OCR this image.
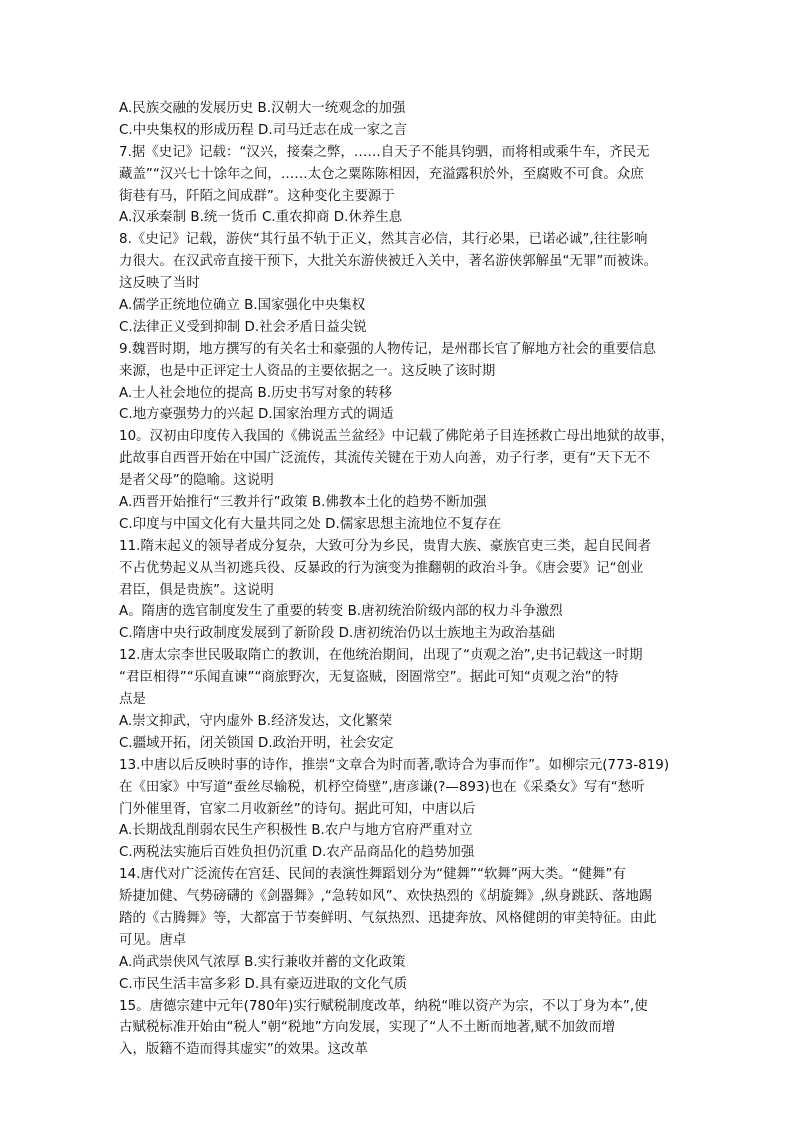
A.民族交融的发展历史 B.汉朝大一统观念的加强
C.中央集权的形成历程 D.司马迁志在成一家之言
7.据《史记》记载：“汉兴，接秦之弊，……自天子不能具钧驷，而将相或乘牛车，齐民无
藏盖”“汉兴七十馀年之间，……太仓之粟陈陈相因，充溢露积於外，至腐败不可食。众庶
街巷有马，阡陌之间成群”。这种变化主要源于
A.汉承秦制 B.统一货币 C.重农抑商 D.休养生息
8.《史记》记载，游侠“其行虽不轨于正义，然其言必信，其行必果，已诺必诚”,往往影响
力很大。在汉武帝直接干预下，大批关东游侠被迁入关中，著名游侠郭解虽“无罪”而被诛。
这反映了当时
A.儒学正统地位确立 B.国家强化中央集权
C.法律正义受到抑制 D.社会矛盾日益尖锐
9.魏晋时期，地方撰写的有关名士和豪强的人物传记，是州郡长官了解地方社会的重要信息
来源，也是中正评定士人资品的主要依据之一。这反映了该时期
A.士人社会地位的提高 B.历史书写对象的转移
C.地方豪强势力的兴起 D.国家治理方式的调适
10。汉初由印度传入我国的《佛说盂兰盆经》中记载了佛陀弟子目连拯救亡母出地狱的故事，
此故事自西晋开始在中国广泛流传，其流传关键在于劝人向善，劝子行孝，更有“天下无不
是者父母”的隐喻。这说明
A.西晋开始推行“三教并行”政策 B.佛教本土化的趋势不断加强
C.印度与中国文化有大量共同之处 D.儒家思想主流地位不复存在
11.隋末起义的领导者成分复杂，大致可分为乡民，贵胄大族、豪族官吏三类，起自民间者
不占优势起义从当初逃兵役、反暴政的行为演变为推翻朝的政治斗争。《唐会要》记“创业
君臣，俱是贵族”。这说明
A。隋唐的选官制度发生了重要的转变 B.唐初统治阶级内部的权力斗争激烈
C.隋唐中央行政制度发展到了新阶段 D.唐初统治仍以士族地主为政治基础
12.唐太宗李世民吸取隋亡的教训，在他统治期间，出现了“贞观之治”,史书记载这一时期
“君臣相得”“乐闻直谏”“商旅野次，无复盗贼，囹圄常空”。据此可知“贞观之治”的特
点是
A.崇文抑武，守内虚外 B.经济发达，文化繁荣
C.疆域开拓，闭关锁国 D.政治开明，社会安定
13.中唐以后反映时事的诗作，推崇“文章合为时而著,歌诗合为事而作”。如柳宗元(773-819)
在《田家》中写道“蚕丝尽输税，机杼空倚壁”,唐彦谦(?—893)也在《采桑女》写有“愁听
门外催里胥，官家二月收新丝”的诗句。据此可知，中唐以后
A.长期战乱削弱农民生产积极性 B.农户与地方官府严重对立
C.两税法实施后百姓负担仍沉重 D.农产品商品化的趋势加强
14.唐代对广泛流传在宫廷、民间的表演性舞蹈划分为“健舞”“软舞”两大类。“健舞”有
矫捷加健、气势磅礴的《剑器舞》,“急转如风”、欢快热烈的《胡旋舞》,纵身跳跃、落地踢
踏的《古腾舞》等，大都富于节奏鲜明、气氛热烈、迅捷奔放、风格健朗的审美特征。由此
可见。唐卓
A.尚武崇侠风气浓厚 B.实行兼收并蓄的文化政策
C.市民生活丰富多彩 D.具有豪迈进取的文化气质
15。唐德宗建中元年(780年)实行赋税制度改革，纳税“唯以资产为宗，不以丁身为本”,使
古赋税标准开始由“税人”朝“税地”方向发展，实现了“人不土断而地著,赋不加敛而增
入，版籍不造而得其虚实”的效果。这改革
